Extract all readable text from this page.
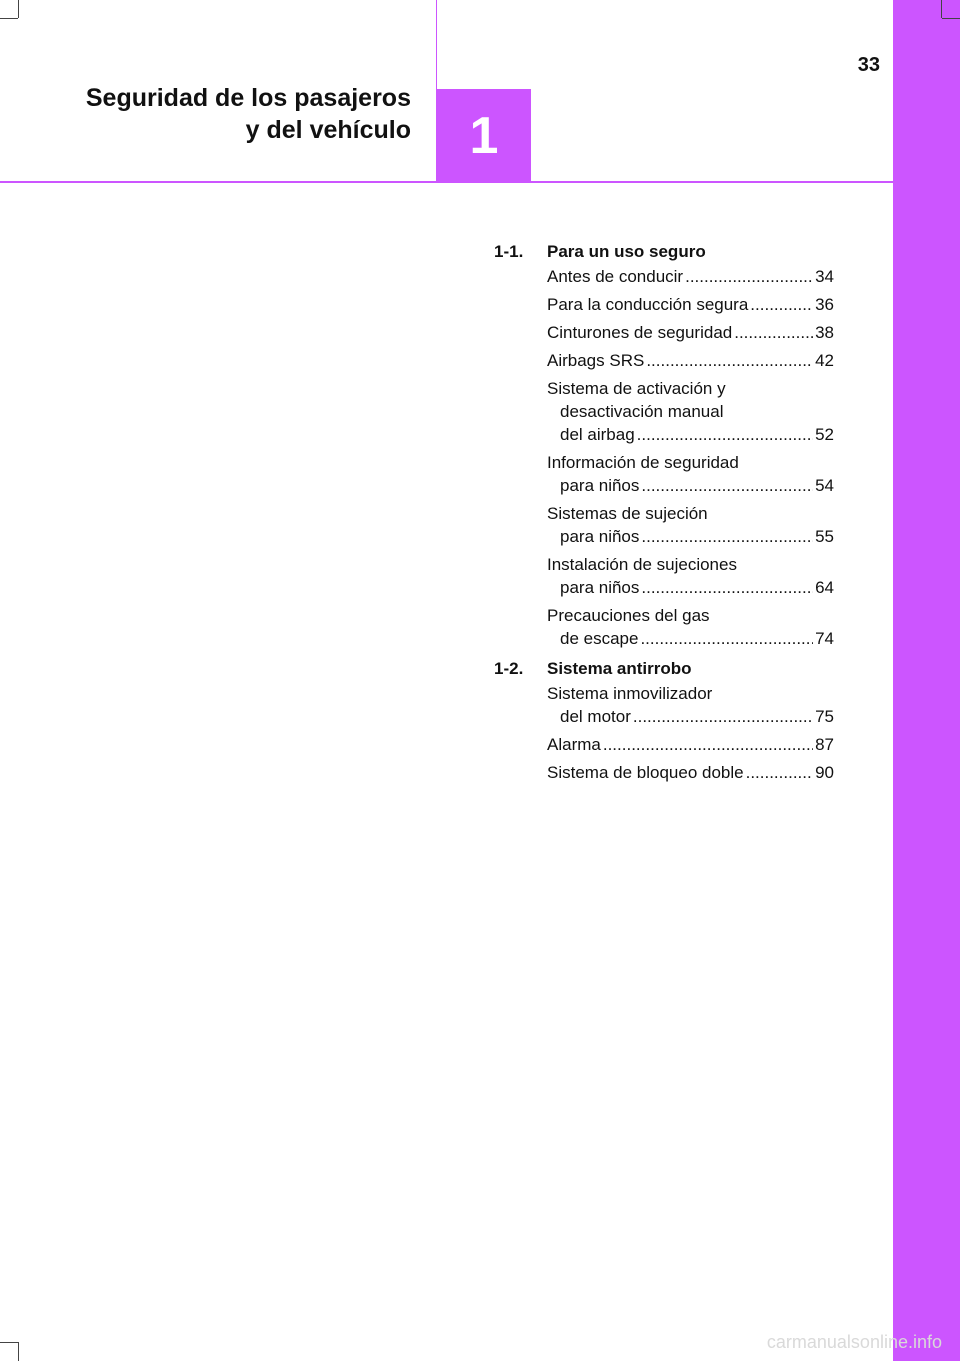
33
Seguridad de los pasajeros
y del vehículo	1
1-1.	Para un uso seguro
Antes de conducir .....	34
Para la conducción segura .....	36
Cinturones de seguridad .....	38
Airbags SRS .....	42
Sistema de activación y
desactivación manual
del airbag .....	52
Información de seguridad
para niños .....	54
Sistemas de sujeción
para niños .....	55
Instalación de sujeciones
para niños .....	64
Precauciones del gas
de escape .....	74
1-2.	Sistema antirrobo
Sistema inmovilizador
del motor .....	75
Alarma .....	87
Sistema de bloqueo doble .....	90
carmanualsonline.info
